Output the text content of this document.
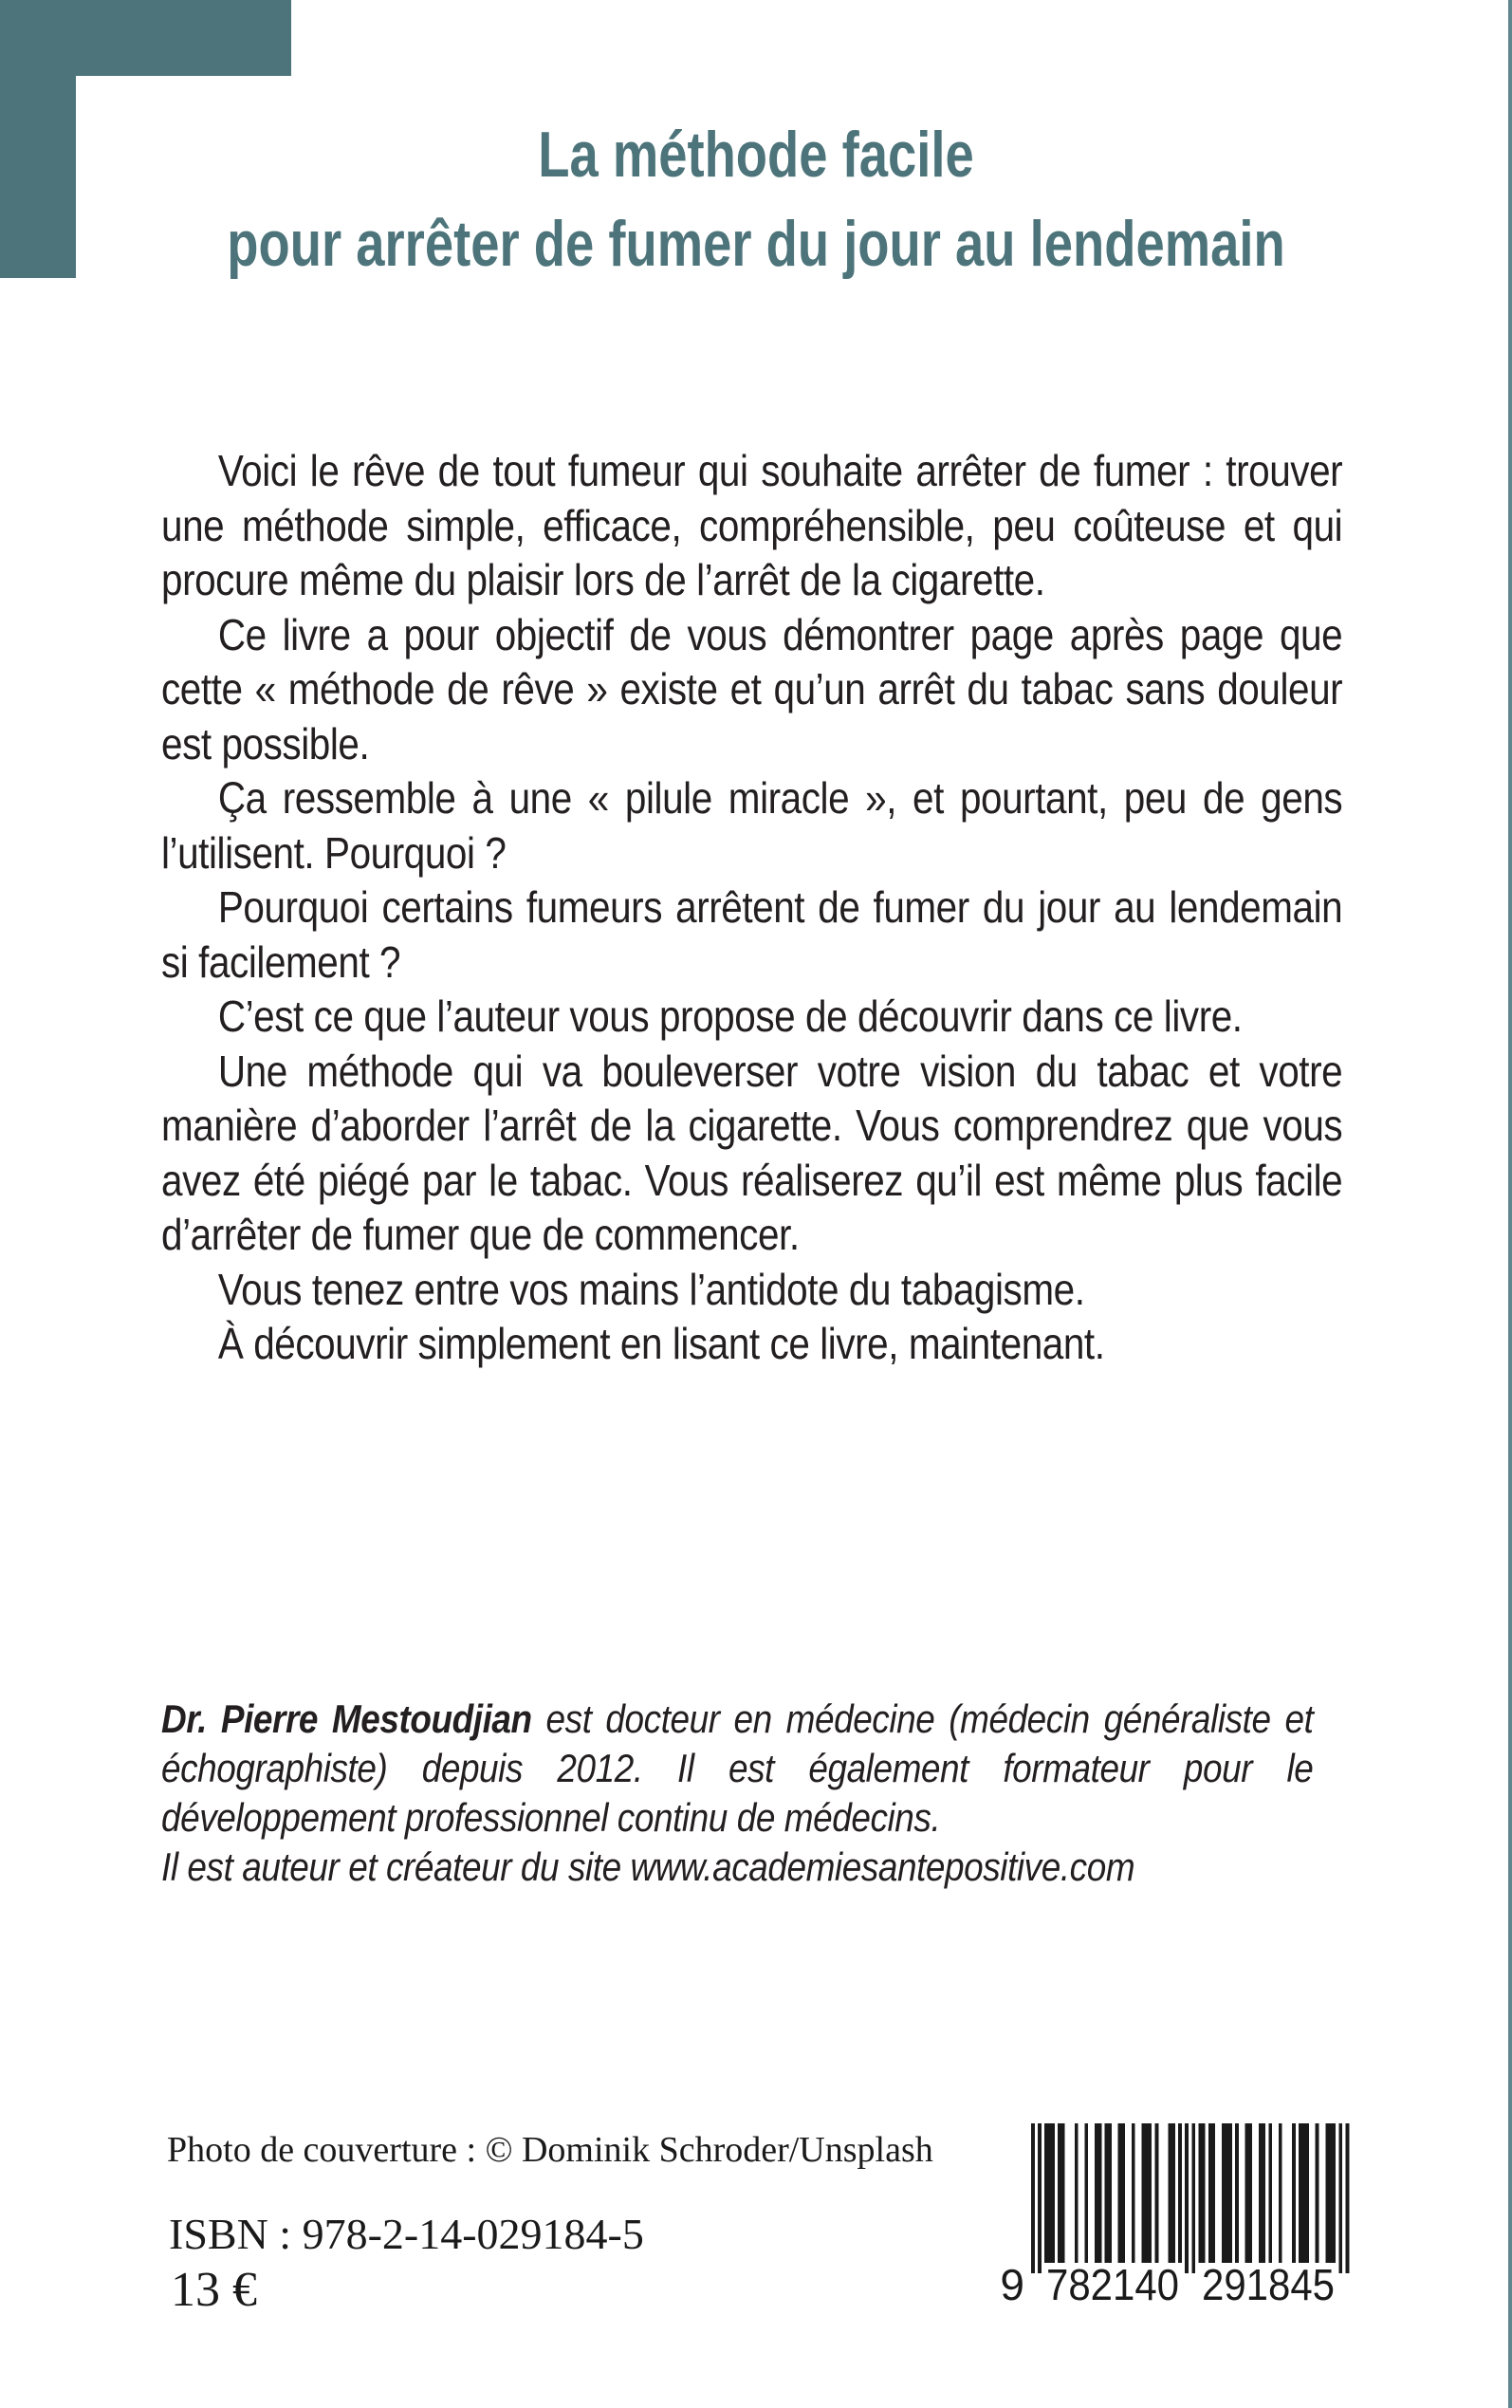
La méthode facile
pour arrêter de fumer du jour au lendemain

Voici le rêve de tout fumeur qui souhaite arrêter de fumer : trouver une méthode simple, efficace, compréhensible, peu coûteuse et qui procure même du plaisir lors de l’arrêt de la cigarette.

Ce livre a pour objectif de vous démontrer page après page que cette « méthode de rêve » existe et qu’un arrêt du tabac sans douleur est possible.

Ça ressemble à une « pilule miracle », et pourtant, peu de gens l’utilisent. Pourquoi ?

Pourquoi certains fumeurs arrêtent de fumer du jour au lendemain si facilement ?

C’est ce que l’auteur vous propose de découvrir dans ce livre.

Une méthode qui va bouleverser votre vision du tabac et votre manière d’aborder l’arrêt de la cigarette. Vous comprendrez que vous avez été piégé par le tabac. Vous réaliserez qu’il est même plus facile d’arrêter de fumer que de commencer.

Vous tenez entre vos mains l’antidote du tabagisme.

À découvrir simplement en lisant ce livre, maintenant.

Dr. Pierre Mestoudjian est docteur en médecine (médecin généraliste et échographiste) depuis 2012. Il est également formateur pour le développement professionnel continu de médecins.

Il est auteur et créateur du site www.academiesantepositive.com

Photo de couverture : © Dominik Schroder/Unsplash
ISBN : 978-2-14-029184-5
13 €	9 782140 291845
